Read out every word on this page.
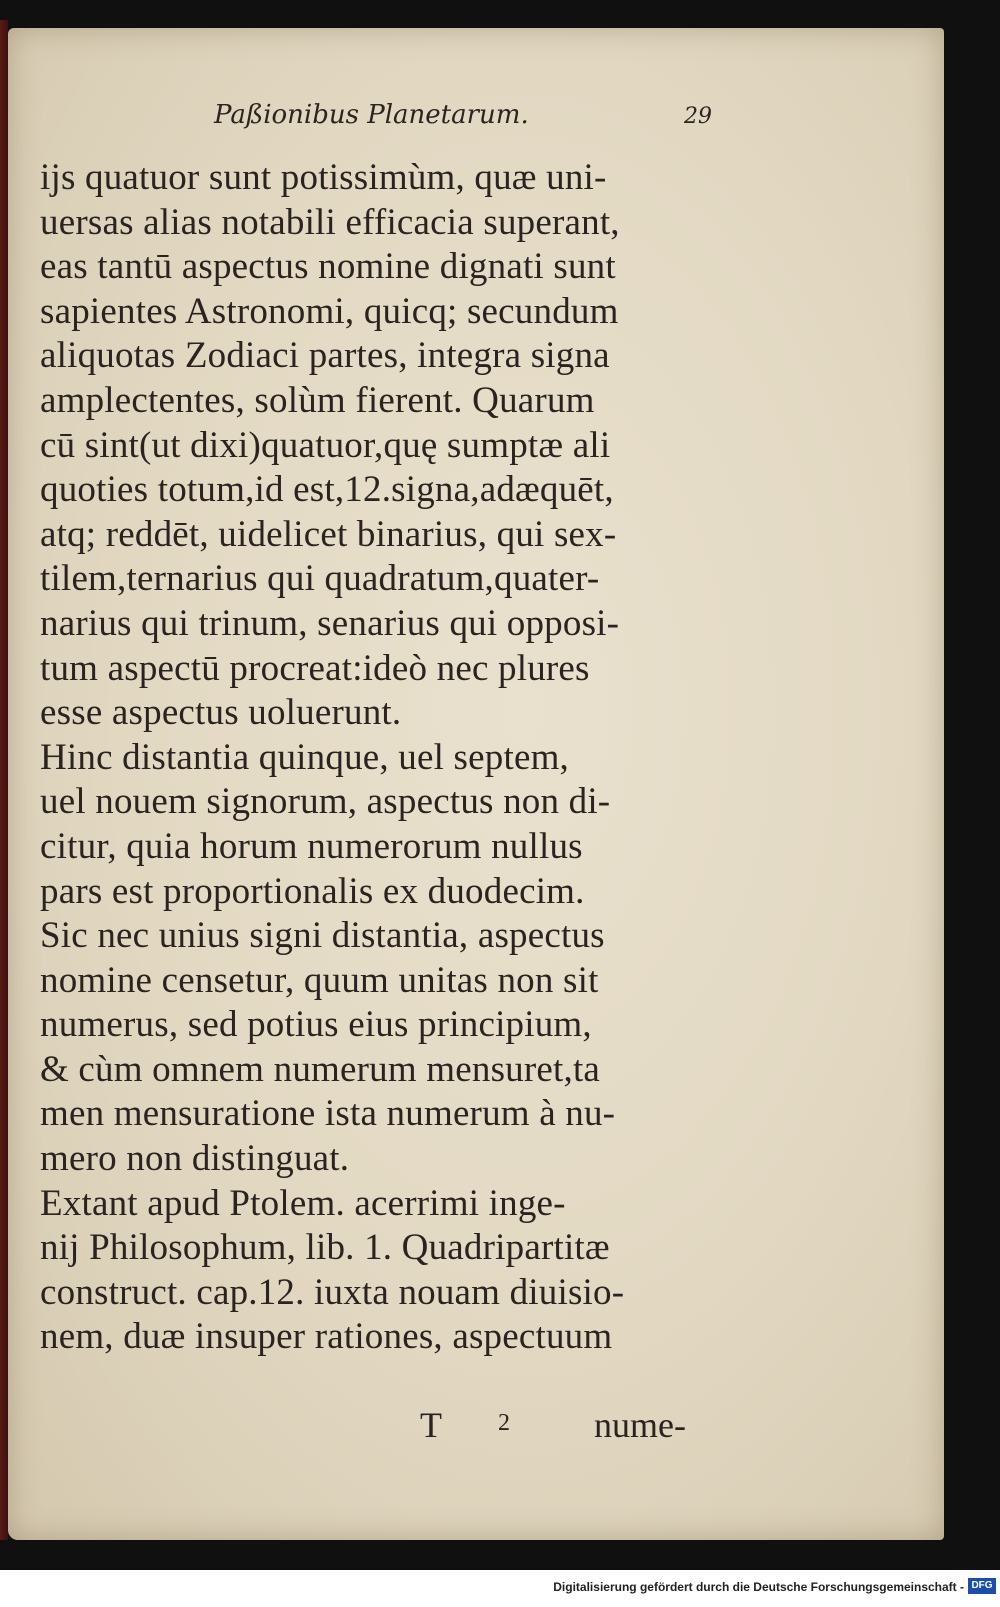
Paßionibus Planetarum.	29
ijs quatuor sunt potissimùm, quæ uni-
uersas alias notabili efficacia superant,
eas tantū aspectus nomine dignati sunt
sapientes Astronomi, quicq; secundum
aliquotas Zodiaci partes, integra signa
amplectentes, solùm fierent. Quarum
cū sint(ut dixi)quatuor,quę sumptæ ali
quoties totum,id est,12.signa,adæquēt,
atq; reddēt, uidelicet binarius, qui sex-
tilem,ternarius qui quadratum,quater-
narius qui trinum, senarius qui opposi-
tum aspectū procreat:ideò nec plures
esse aspectus uoluerunt.
Hinc distantia quinque, uel septem,
uel nouem signorum, aspectus non di-
citur, quia horum numerorum nullus
pars est proportionalis ex duodecim.
Sic nec unius signi distantia, aspectus
nomine censetur, quum unitas non sit
numerus, sed potius eius principium,
& cùm omnem numerum mensuret,ta
men mensuratione ista numerum à nu-
mero non distinguat.
Extant apud Ptolem. acerrimi inge-
nij Philosophum, lib. 1. Quadripartitæ
construct. cap.12. iuxta nouam diuisio-
nem, duæ insuper rationes, aspectuum
T 2 nume-
Digitalisierung gefördert durch die Deutsche Forschungsgemeinschaft - DFG
